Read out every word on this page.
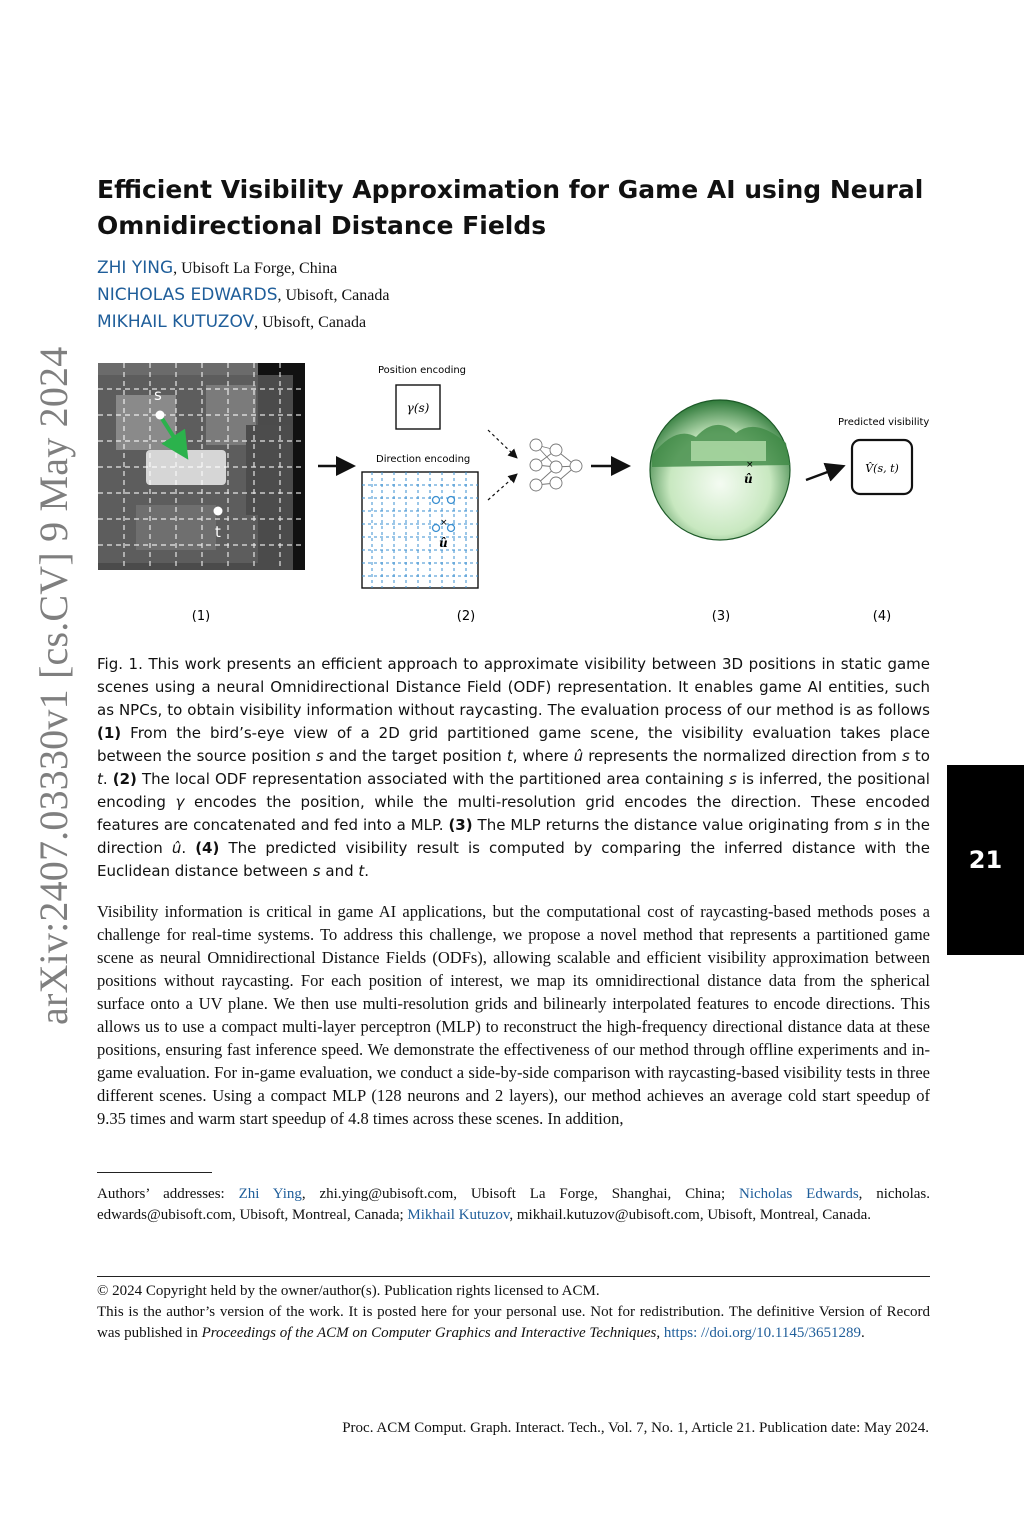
arXiv:2407.03330v1 [cs.CV] 9 May 2024
Efficient Visibility Approximation for Game AI using Neural Omnidirectional Distance Fields
ZHI YING, Ubisoft La Forge, China
NICHOLAS EDWARDS, Ubisoft, Canada
MIKHAIL KUTUZOV, Ubisoft, Canada
s
t
Position encoding
γ(s)
Direction encoding
×
û
×
û
Predicted visibility
V̂(s, t)
(1)	(2)	(3)	(4)

Fig. 1. This work presents an efficient approach to approximate visibility between 3D positions in static game scenes using a neural Omnidirectional Distance Field (ODF) representation. It enables game AI entities, such as NPCs, to obtain visibility information without raycasting. The evaluation process of our method is as follows (1) From the bird’s-eye view of a 2D grid partitioned game scene, the visibility evaluation takes place between the source position s and the target position t, where û represents the normalized direction from s to t. (2) The local ODF representation associated with the partitioned area containing s is inferred, the positional encoding γ encodes the position, while the multi-resolution grid encodes the direction. These encoded features are concatenated and fed into a MLP. (3) The MLP returns the distance value originating from s in the direction û. (4) The predicted visibility result is computed by comparing the inferred distance with the Euclidean distance between s and t.

Visibility information is critical in game AI applications, but the computational cost of raycasting-based methods poses a challenge for real-time systems. To address this challenge, we propose a novel method that represents a partitioned game scene as neural Omnidirectional Distance Fields (ODFs), allowing scalable and efficient visibility approximation between positions without raycasting. For each position of interest, we map its omnidirectional distance data from the spherical surface onto a UV plane. We then use multi-resolution grids and bilinearly interpolated features to encode directions. This allows us to use a compact multi-layer perceptron (MLP) to reconstruct the high-frequency directional distance data at these positions, ensuring fast inference speed. We demonstrate the effectiveness of our method through offline experiments and in-game evaluation. For in-game evaluation, we conduct a side-by-side comparison with raycasting-based visibility tests in three different scenes. Using a compact MLP (128 neurons and 2 layers), our method achieves an average cold start speedup of 9.35 times and warm start speedup of 4.8 times across these scenes. In addition,

21

Authors’ addresses: Zhi Ying, zhi.ying@ubisoft.com, Ubisoft La Forge, Shanghai, China; Nicholas Edwards, nicholas. edwards@ubisoft.com, Ubisoft, Montreal, Canada; Mikhail Kutuzov, mikhail.kutuzov@ubisoft.com, Ubisoft, Montreal, Canada.

© 2024 Copyright held by the owner/author(s). Publication rights licensed to ACM.
This is the author’s version of the work. It is posted here for your personal use. Not for redistribution. The definitive Version of Record was published in Proceedings of the ACM on Computer Graphics and Interactive Techniques, https: //doi.org/10.1145/3651289.

Proc. ACM Comput. Graph. Interact. Tech., Vol. 7, No. 1, Article 21. Publication date: May 2024.
